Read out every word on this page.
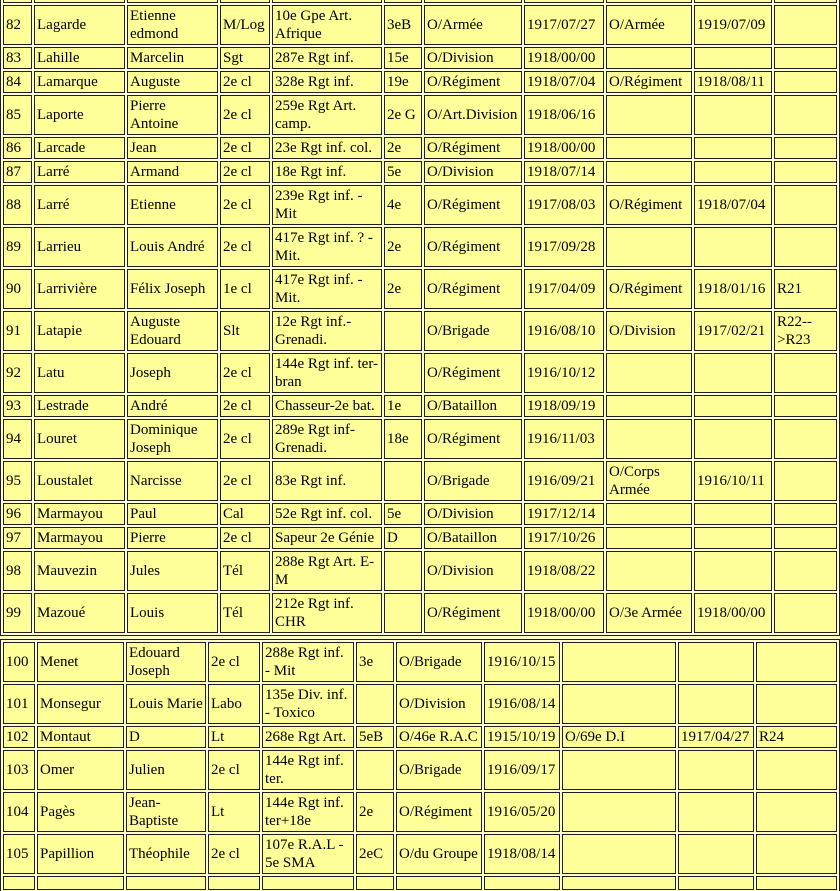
82	Lagarde	Etienne edmond	M/Log	10e Gpe Art. Afrique	3eB	O/Armée	1917/07/27	O/Armée	1919/07/09	
83	Lahille	Marcelin	Sgt	287e Rgt inf.	15e	O/Division	1918/00/00			
84	Lamarque	Auguste	2e cl	328e Rgt inf.	19e	O/Régiment	1918/07/04	O/Régiment	1918/08/11	
85	Laporte	Pierre Antoine	2e cl	259e Rgt Art. camp.	2e G	O/Art.Division	1918/06/16			
86	Larcade	Jean	2e cl	23e Rgt inf. col.	2e	O/Régiment	1918/00/00			
87	Larré	Armand	2e cl	18e Rgt inf.	5e	O/Division	1918/07/14			
88	Larré	Etienne	2e cl	239e Rgt inf. - Mit	4e	O/Régiment	1917/08/03	O/Régiment	1918/07/04	
89	Larrieu	Louis André	2e cl	417e Rgt inf. ? - Mit.	2e	O/Régiment	1917/09/28			
90	Larrivière	Félix Joseph	1e cl	417e Rgt inf. - Mit.	2e	O/Régiment	1917/04/09	O/Régiment	1918/01/16	R21
91	Latapie	Auguste Edouard	Slt	12e Rgt inf.- Grenadi.		O/Brigade	1916/08/10	O/Division	1917/02/21	R22-->R23
92	Latu	Joseph	2e cl	144e Rgt inf. ter-bran		O/Régiment	1916/10/12			
93	Lestrade	André	2e cl	Chasseur-2e bat.	1e	O/Bataillon	1918/09/19			
94	Louret	Dominique Joseph	2e cl	289e Rgt inf-Grenadi.	18e	O/Régiment	1916/11/03			
95	Loustalet	Narcisse	2e cl	83e Rgt inf.		O/Brigade	1916/09/21	O/Corps Armée	1916/10/11	
96	Marmayou	Paul	Cal	52e Rgt inf. col.	5e	O/Division	1917/12/14			
97	Marmayou	Pierre	2e cl	Sapeur 2e Génie	D	O/Bataillon	1917/10/26			
98	Mauvezin	Jules	Tél	288e Rgt Art. E-M		O/Division	1918/08/22			
99	Mazoué	Louis	Tél	212e Rgt inf. CHR		O/Régiment	1918/00/00	O/3e Armée	1918/00/00	
100	Menet	Edouard Joseph	2e cl	288e Rgt inf. - Mit	3e	O/Brigade	1916/10/15			
101	Monsegur	Louis Marie	Labo	135e Div. inf. - Toxico		O/Division	1916/08/14			
102	Montaut	D	Lt	268e Rgt Art.	5eB	O/46e R.A.C	1915/10/19	O/69e D.I	1917/04/27	R24
103	Omer	Julien	2e cl	144e Rgt inf. ter.		O/Brigade	1916/09/17			
104	Pagès	Jean-Baptiste	Lt	144e Rgt inf. ter+18e	2e	O/Régiment	1916/05/20			
105	Papillion	Théophile	2e cl	107e R.A.L - 5e SMA	2eC	O/du Groupe	1918/08/14			
